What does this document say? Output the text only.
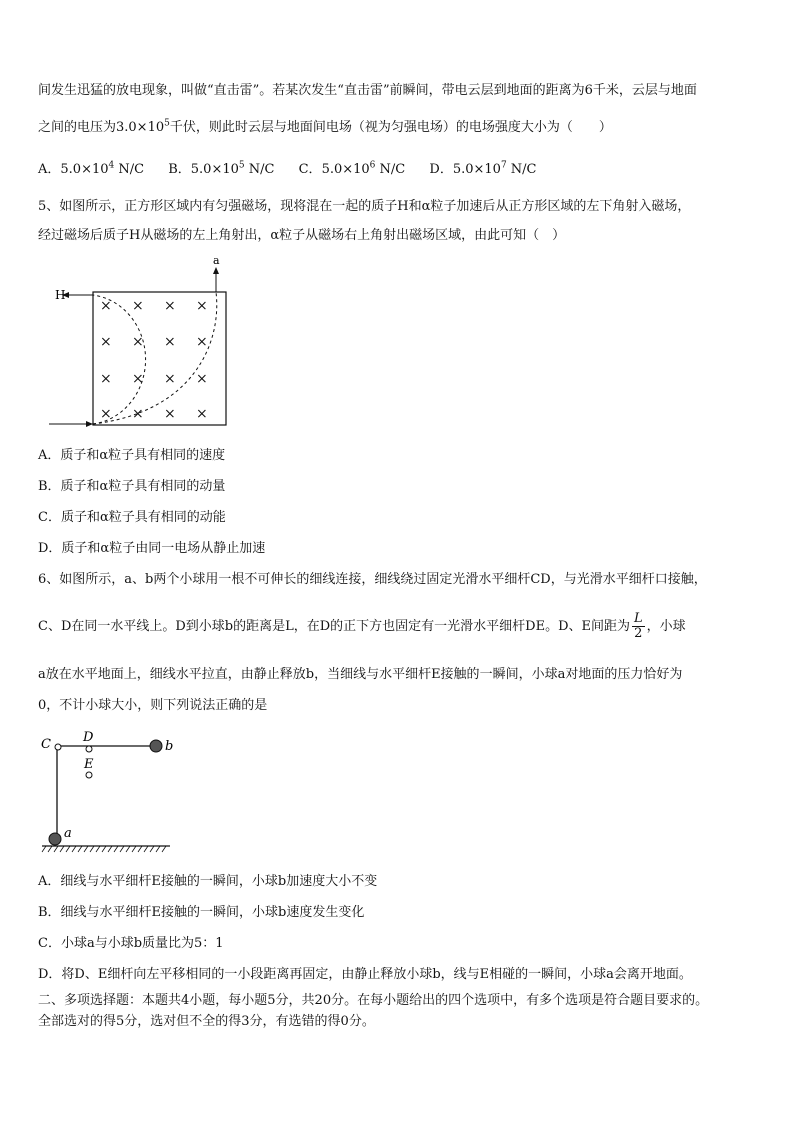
间发生迅猛的放电现象，叫做“直击雷”。若某次发生“直击雷”前瞬间，带电云层到地面的距离为6千米，云层与地面
之间的电压为$3.0\times 10^5$千伏，则此时云层与地面间电场（视为匀强电场）的电场强度大小为（　　）
A．$5.0\times 10^4$ N/C B．$5.0\times 10^5$ N/C C．$5.0\times 10^6$ N/C D．$5.0\times 10^7$ N/C
5、如图所示，正方形区域内有匀强磁场，现将混在一起的质子H和α粒子加速后从正方形区域的左下角射入磁场，
经过磁场后质子H从磁场的左上角射出，α粒子从磁场右上角射出磁场区域，由此可知（　）
H
a
× × × ×
× × × ×
× × × ×
× × × ×
A．质子和α粒子具有相同的速度
B．质子和α粒子具有相同的动量
C．质子和α粒子具有相同的动能
D．质子和α粒子由同一电场从静止加速
6、如图所示，a、b两个小球用一根不可伸长的细线连接，细线绕过固定光滑水平细杆CD，与光滑水平细杆口接触，
C、D在同一水平线上。D到小球b的距离是L，在D的正下方也固定有一光滑水平细杆DE。D、E间距为 $\frac{L}{2}$ ，小球
a放在水平地面上，细线水平拉直，由静止释放b，当细线与水平细杆E接触的一瞬间，小球a对地面的压力恰好为
0，不计小球大小，则下列说法正确的是
C D
E
b
a
A．细线与水平细杆E接触的一瞬间，小球b加速度大小不变
B．细线与水平细杆E接触的一瞬间，小球b速度发生变化
C．小球a与小球b质量比为5：1
D．将D、E细杆向左平移相同的一小段距离再固定，由静止释放小球b，线与E相碰的一瞬间，小球a会离开地面。
二、多项选择题：本题共4小题，每小题5分，共20分。在每小题给出的四个选项中，有多个选项是符合题目要求的。
全部选对的得5分，选对但不全的得3分，有选错的得0分。
